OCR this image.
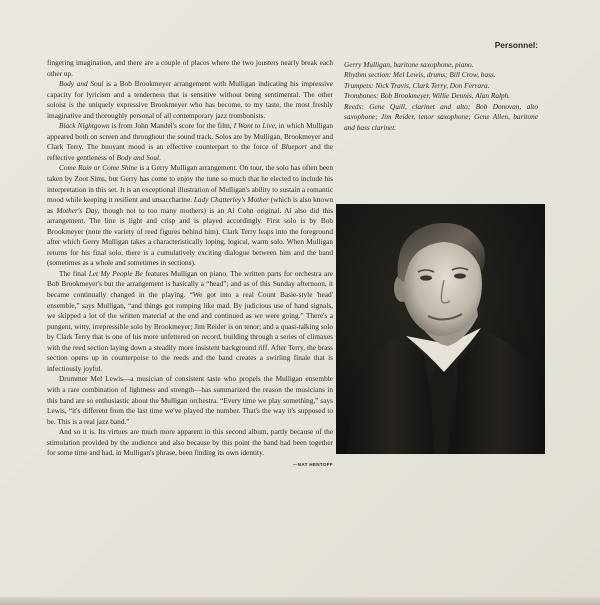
fingering imagination, and there are a couple of places where the two jousters nearly break each other up.

Body and Soul is a Bob Brookmeyer arrangement with Mulligan indicating his impressive capacity for lyricism and a tenderness that is sensitive without being sentimental. The other soloist is the uniquely expressive Brookmeyer who has become, to my taste, the most freshly imaginative and thoroughly personal of all contemporary jazz trombonists.

Black Nightgown is from John Mandel's score for the film, I Want to Live, in which Mulligan appeared both on screen and throughout the sound track. Solos are by Mulligan, Brookmeyer and Clark Terry. The buoyant mood is an effective counterpart to the force of Blueport and the reflective gentleness of Body and Soul.

Come Rain or Come Shine is a Gerry Mulligan arrangement. On tour, the solo has often been taken by Zoot Sims, but Gerry has come to enjoy the tune so much that he elected to include his interpretation in this set. It is an exceptional illustration of Mulligan's ability to sustain a romantic mood while keeping it resilient and unsaccharine. Lady Chatterley's Mother (which is also known as Mother's Day, though not to too many mothers) is an Al Cohn original. Al also did this arrangement. The line is light and crisp and is played accordingly. First solo is by Bob Brookmeyer (note the variety of reed figures behind him). Clark Terry leaps into the foreground after which Gerry Mulligan takes a characteristically loping, logical, warm solo. When Mulligan returns for his final solo, there is a cumulatively exciting dialogue between him and the band (sometimes as a whole and sometimes in sections).

The final Let My People Be features Mulligan on piano. The written parts for orchestra are Bob Brookmeyer's but the arrangement is basically a “head”; and as of this Sunday afternoon, it became continually changed in the playing. “We got into a real Count Basie-style 'head' ensemble,” says Mulligan, “and things got romping like mad. By judicious use of hand signals, we skipped a lot of the written material at the end and continued as we were going.” There's a pungent, witty, irrepressible solo by Brookmeyer; Jim Reider is on tenor; and a quasi-talking solo by Clark Terry that is one of his more unfettered on record, building through a series of climaxes with the reed section laying down a steadily more insistent background riff. After Terry, the brass section opens up in counterpoise to the reeds and the band creates a swirling finale that is infectiously joyful.

Drummer Mel Lewis—a musician of consistent taste who propels the Mulligan ensemble with a rare combination of lightness and strength—has summarized the reason the musicians in this band are so enthusiastic about the Mulligan orchestra. “Every time we play something,” says Lewis, “it's different from the last time we've played the number. That's the way it's supposed to be. This is a real jazz band.”

And so it is. Its virtues are much more apparent in this second album, partly because of the stimulation provided by the audience and also because by this point the band had been together for some time and had, in Mulligan's phrase, been finding its own identity.

—NAT HENTOFF
Personnel:
Gerry Mulligan, baritone saxophone, piano.
Rhythm section: Mel Lewis, drums; Bill Crow, bass.
Trumpets: Nick Travis, Clark Terry, Don Ferrara.
Trombones: Bob Brookmeyer, Willie Dennis, Alan Ralph.
Reeds: Gene Quill, clarinet and alto; Bob Donovan, alto saxophone; Jim Reider, tenor saxophone; Gene Allen, baritone and bass clarinet.
